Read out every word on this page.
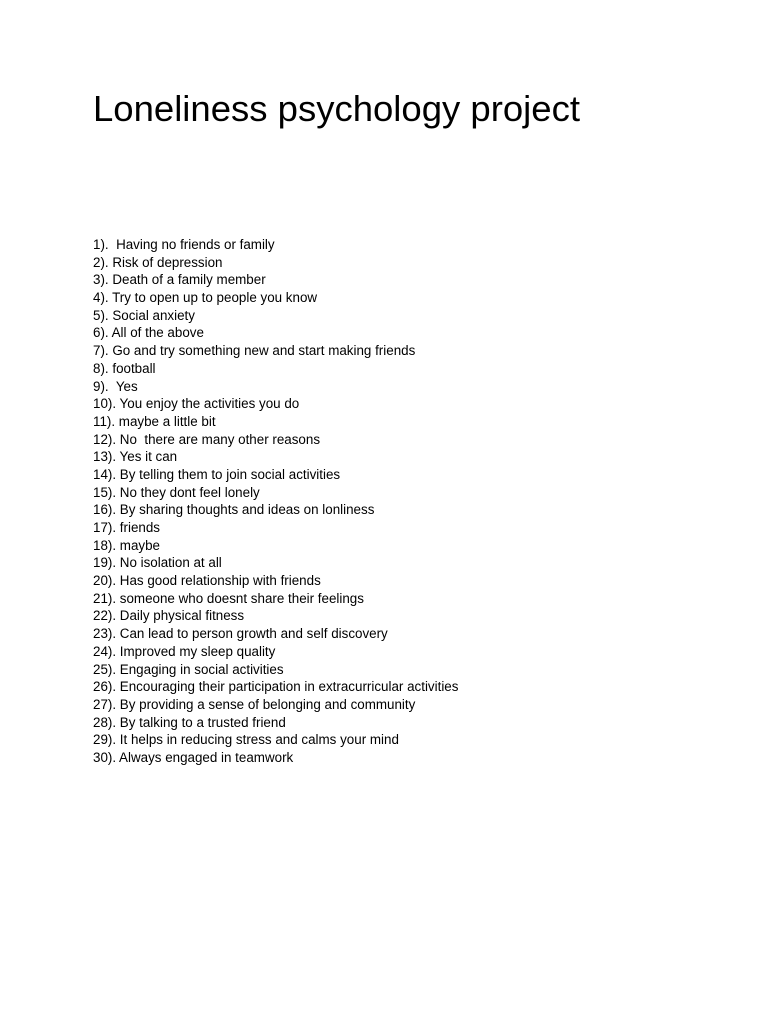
Loneliness psychology project
1).  Having no friends or family
2). Risk of depression
3). Death of a family member
4). Try to open up to people you know
5). Social anxiety
6). All of the above
7). Go and try something new and start making friends
8). football
9).  Yes
10). You enjoy the activities you do
11). maybe a little bit
12). No  there are many other reasons
13). Yes it can
14). By telling them to join social activities
15). No they dont feel lonely
16). By sharing thoughts and ideas on lonliness
17). friends
18). maybe
19). No isolation at all
20). Has good relationship with friends
21). someone who doesnt share their feelings
22). Daily physical fitness
23). Can lead to person growth and self discovery
24). Improved my sleep quality
25). Engaging in social activities
26). Encouraging their participation in extracurricular activities
27). By providing a sense of belonging and community
28). By talking to a trusted friend
29). It helps in reducing stress and calms your mind
30). Always engaged in teamwork
